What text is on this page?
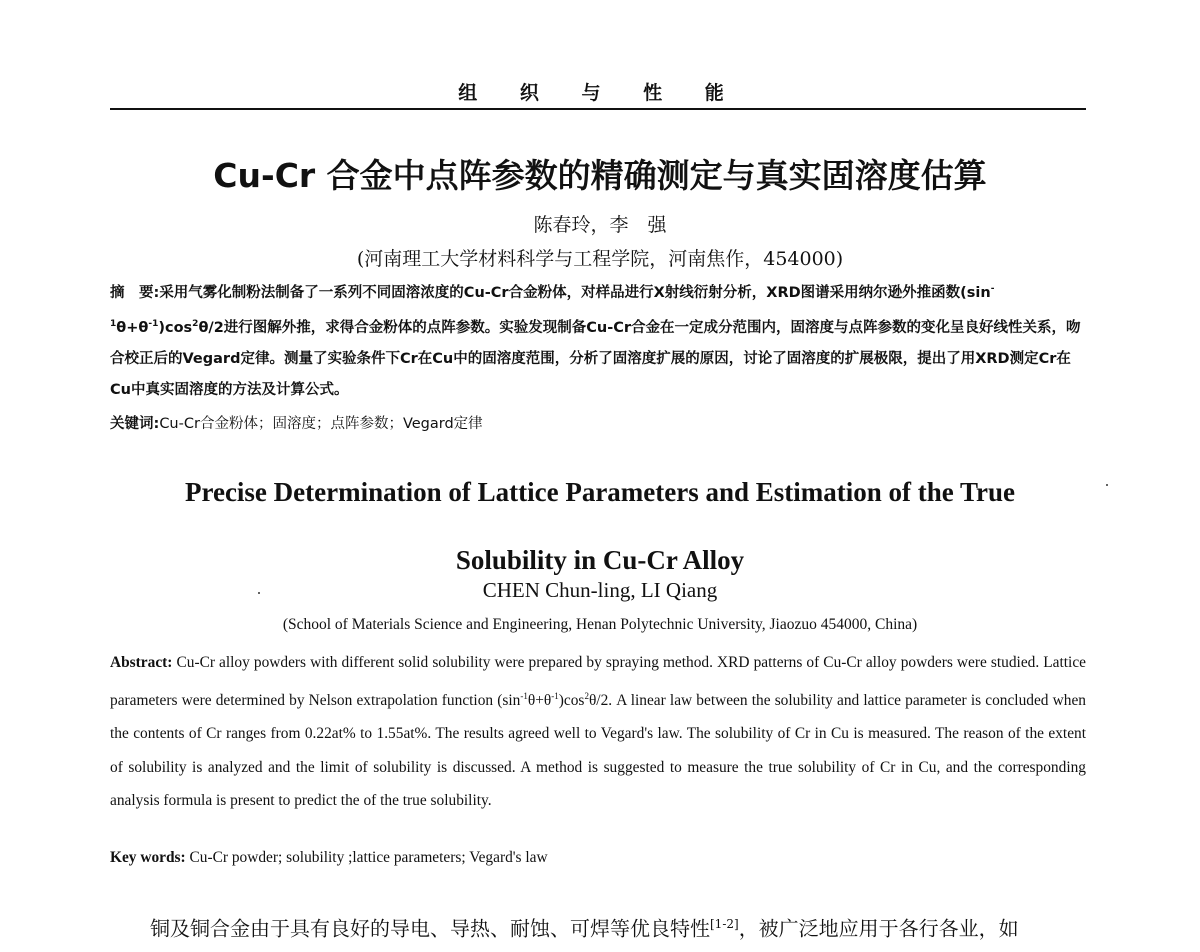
组 织 与 性 能
Cu-Cr 合金中点阵参数的精确测定与真实固溶度估算
陈春玲，李　强
(河南理工大学材料科学与工程学院，河南焦作，454000)
摘　要:采用气雾化制粉法制备了一系列不同固溶浓度的Cu-Cr合金粉体，对样品进行X射线衍射分析，XRD图谱采用纳尔逊外推函数$(\sin^{-1}\theta+\theta^{-1})\cos^2\theta/2$进行图解外推，求得合金粉体的点阵参数。实验发现制备Cu-Cr合金在一定成分范围内，固溶度与点阵参数的变化呈良好线性关系，吻合校正后的Vegard定律。测量了实验条件下Cr在Cu中的固溶度范围，分析了固溶度扩展的原因，讨论了固溶度的扩展极限，提出了用XRD测定Cr在Cu中真实固溶度的方法及计算公式。
关键词:Cu-Cr合金粉体；固溶度；点阵参数；Vegard定律
Precise Determination of Lattice Parameters and Estimation of the True
Solubility in Cu-Cr Alloy
CHEN Chun-ling, LI Qiang
(School of Materials Science and Engineering, Henan Polytechnic University, Jiaozuo 454000, China)
Abstract: Cu-Cr alloy powders with different solid solubility were prepared by spraying method. XRD patterns of Cu-Cr alloy powders were studied. Lattice parameters were determined by Nelson extrapolation function $(\sin^{-1}\theta+\theta^{-1})\cos^2\theta/2$. A linear law between the solubility and lattice parameter is concluded when the contents of Cr ranges from 0.22at% to 1.55at%. The results agreed well to Vegard's law. The solubility of Cr in Cu is measured. The reason of the extent of solubility is analyzed and the limit of solubility is discussed. A method is suggested to measure the true solubility of Cr in Cu, and the corresponding analysis formula is present to predict the of the true solubility.
Key words: Cu-Cr powder; solubility ;lattice parameters; Vegard's law
铜及铜合金由于具有良好的导电、导热、耐蚀、可焊等优良特性[1-2]，被广泛地应用于各行各业，如
